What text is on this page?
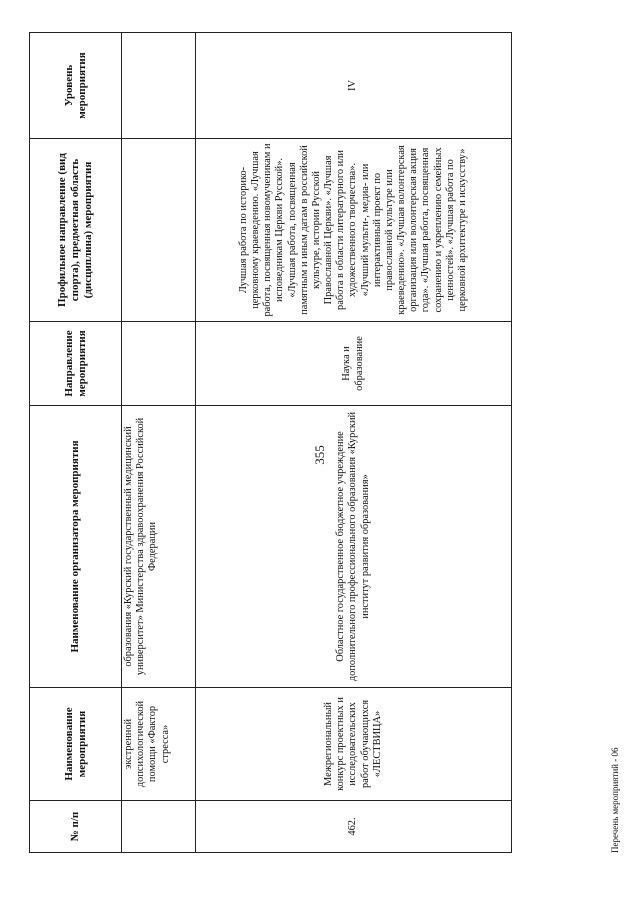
355
№ п/п	Наименование мероприятия	Наименование организатора мероприятия	Направление мероприятия	Профильное направление (вид спорта), предметная область (дисциплина) мероприятия	Уровень мероприятия
	экстренной допсихологической помощи «Фактор стресса»	образования «Курский государственный медицинский университет» Министерства здравоохранения Российской Федерации			
462.	Межрегиональный конкурс проектных и исследовательских работ обучающихся «ЛЕСТВИЦА»	Областное государственное бюджетное учреждение дополнительного профессионального образования «Курский институт развития образования»	Наука и образование	Лучшая работа по историко-церковному краеведению. «Лучшая работа, посвященная новомученикам и исповедникам Церкви Русской». «Лучшая работа, посвященная памятным и иным датам в российской культуре, истории Русской Православной Церкви». «Лучшая работа в области литературного или художественного творчества». «Лучший мульти-, медиа- или интерактивный проект по православной культуре или краеведению». «Лучшая волонтерская организация или волонтерская акция года». «Лучшая работа, посвященная сохранению и укреплению семейных ценностей». «Лучшая работа по церковной архитектуре и искусству»	IV
Перечень мероприятий - 06
